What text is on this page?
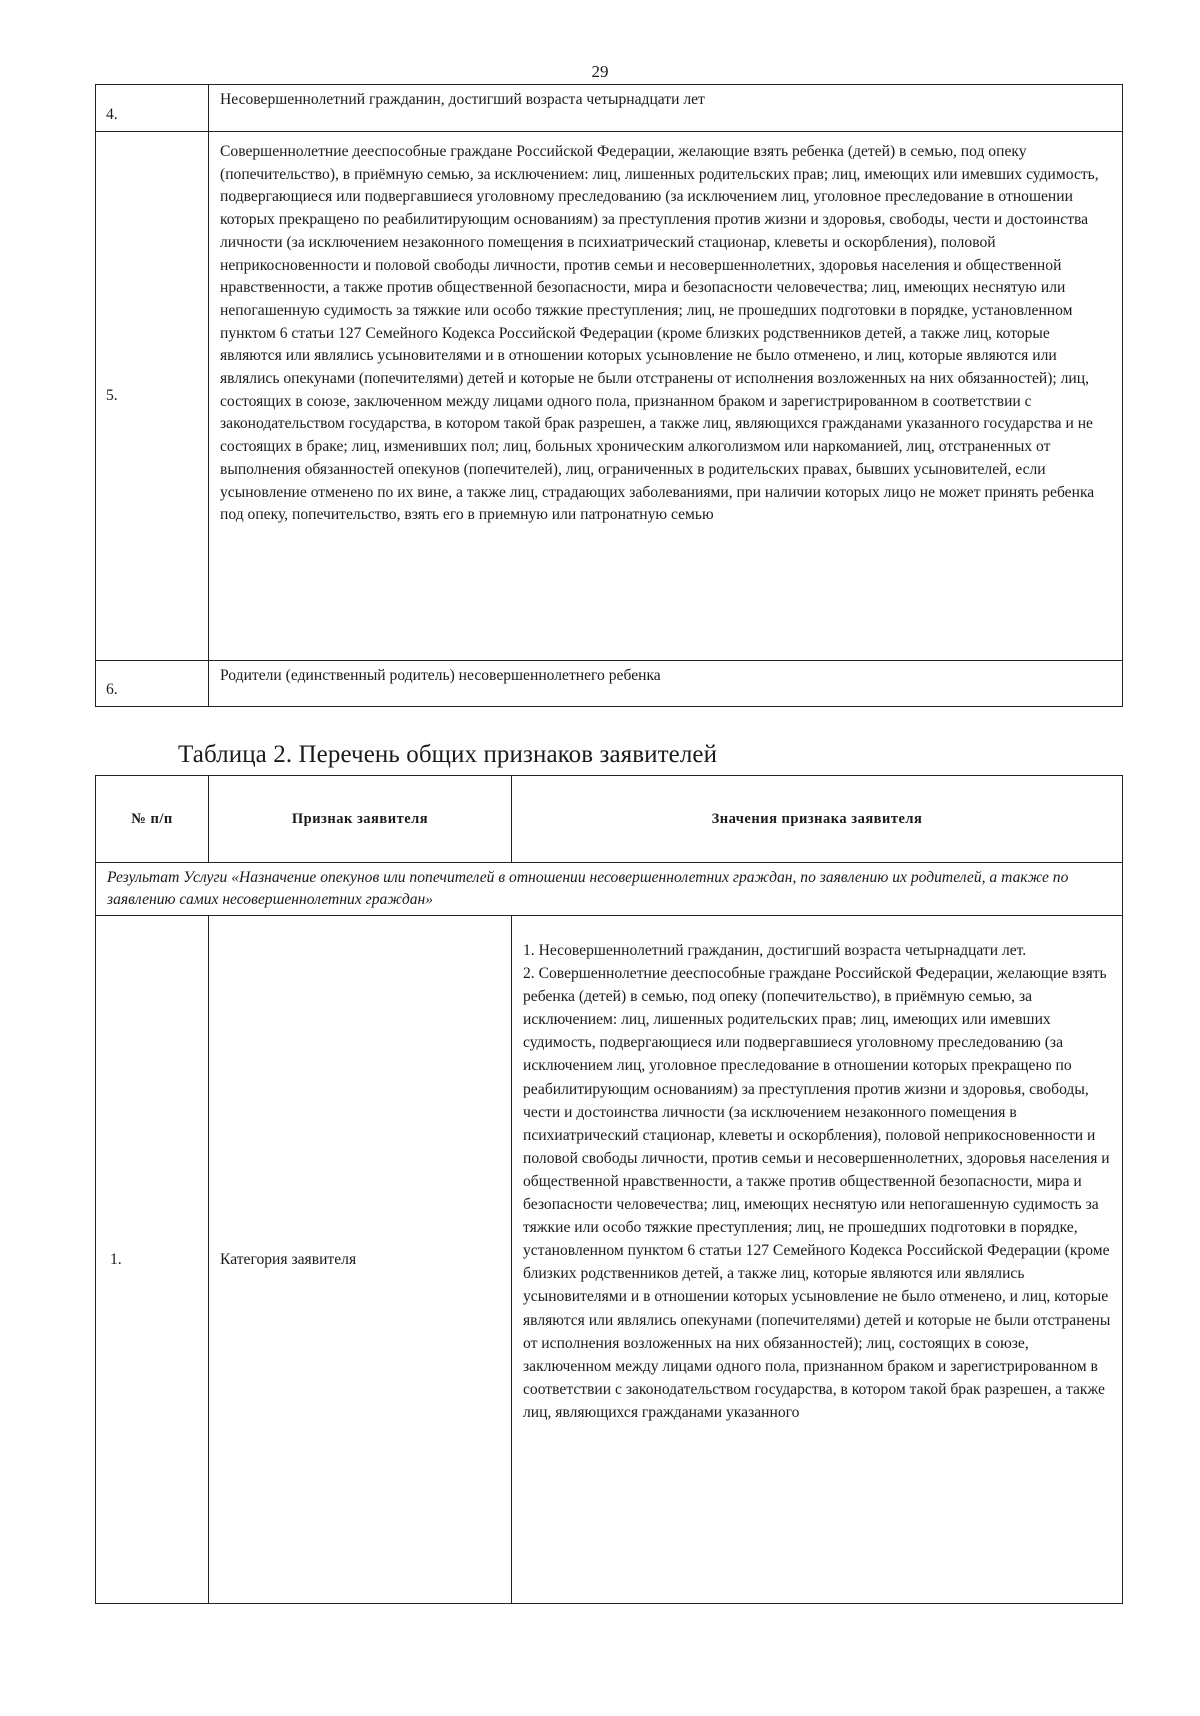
29
4.	Несовершеннолетний гражданин, достигший возраста четырнадцати лет
5.	Совершеннолетние дееспособные граждане Российской Федерации, желающие взять ребенка (детей) в семью, под опеку (попечительство), в приёмную семью, за исключением: лиц, лишенных родительских прав; лиц, имеющих или имевших судимость, подвергающиеся или подвергавшиеся уголовному преследованию (за исключением лиц, уголовное преследование в отношении которых прекращено по реабилитирующим основаниям) за преступления против жизни и здоровья, свободы, чести и достоинства личности (за исключением незаконного помещения в психиатрический стационар, клеветы и оскорбления), половой неприкосновенности и половой свободы личности, против семьи и несовершеннолетних, здоровья населения и общественной нравственности, а также против общественной безопасности, мира и безопасности человечества; лиц, имеющих неснятую или непогашенную судимость за тяжкие или особо тяжкие преступления; лиц, не прошедших подготовки в порядке, установленном пунктом 6 статьи 127 Семейного Кодекса Российской Федерации (кроме близких родственников детей, а также лиц, которые являются или являлись усыновителями и в отношении которых усыновление не было отменено, и лиц, которые являются или являлись опекунами (попечителями) детей и которые не были отстранены от исполнения возложенных на них обязанностей); лиц, состоящих в союзе, заключенном между лицами одного пола, признанном браком и зарегистрированном в соответствии с законодательством государства, в котором такой брак разрешен, а также лиц, являющихся гражданами указанного государства и не состоящих в браке; лиц, изменивших пол; лиц, больных хроническим алкоголизмом или наркоманией, лиц, отстраненных от выполнения обязанностей опекунов (попечителей), лиц, ограниченных в родительских правах, бывших усыновителей, если усыновление отменено по их вине, а также лиц, страдающих заболеваниями, при наличии которых лицо не может принять ребенка под опеку, попечительство, взять его в приемную или патронатную семью
6.	Родители (единственный родитель) несовершеннолетнего ребенка
Таблица 2. Перечень общих признаков заявителей
№ п/п	Признак заявителя	Значения признака заявителя
Результат Услуги «Назначение опекунов или попечителей в отношении несовершеннолетних граждан, по заявлению их родителей, а также по заявлению самих несовершеннолетних граждан»		
1.	Категория заявителя	1. Несовершеннолетний гражданин, достигший возраста четырнадцати лет.
2. Совершеннолетние дееспособные граждане Российской Федерации, желающие взять ребенка (детей) в семью, под опеку (попечительство), в приёмную семью, за исключением: лиц, лишенных родительских прав; лиц, имеющих или имевших судимость, подвергающиеся или подвергавшиеся уголовному преследованию (за исключением лиц, уголовное преследование в отношении которых прекращено по реабилитирующим основаниям) за преступления против жизни и здоровья, свободы, чести и достоинства личности (за исключением незаконного помещения в психиатрический стационар, клеветы и оскорбления), половой неприкосновенности и половой свободы личности, против семьи и несовершеннолетних, здоровья населения и общественной нравственности, а также против общественной безопасности, мира и безопасности человечества; лиц, имеющих неснятую или непогашенную судимость за тяжкие или особо тяжкие преступления; лиц, не прошедших подготовки в порядке, установленном пунктом 6 статьи 127 Семейного Кодекса Российской Федерации (кроме близких родственников детей, а также лиц, которые являются или являлись усыновителями и в отношении которых усыновление не было отменено, и лиц, которые являются или являлись опекунами (попечителями) детей и которые не были отстранены от исполнения возложенных на них обязанностей); лиц, состоящих в союзе, заключенном между лицами одного пола, признанном браком и зарегистрированном в соответствии с законодательством государства, в котором такой брак разрешен, а также лиц, являющихся гражданами указанного
